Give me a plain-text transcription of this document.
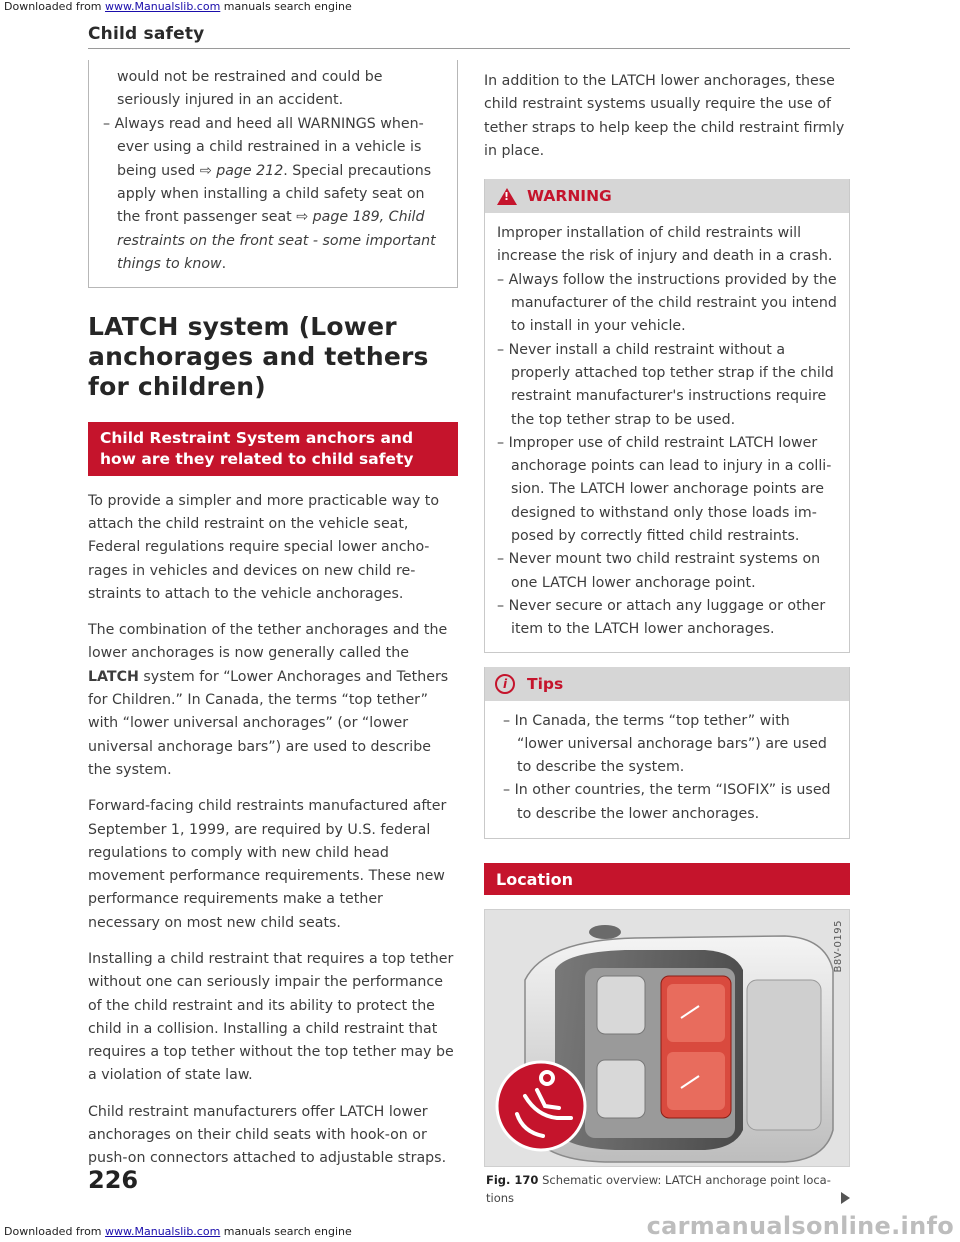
Downloaded from www.Manualslib.com manuals search engine
Child safety
would not be restrained and could be seriously injured in an accident.
– Always read and heed all WARNINGS whenever using a child restrained in a vehicle is being used ⇨ page 212. Special precautions apply when installing a child safety seat on the front passenger seat ⇨ page 189, Child restraints on the front seat - some important things to know.
LATCH system (Lower anchorages and tethers for children)
Child Restraint System anchors and how are they related to child safety
To provide a simpler and more practicable way to attach the child restraint on the vehicle seat, Federal regulations require special lower anchorages in vehicles and devices on new child restraints to attach to the vehicle anchorages.
The combination of the tether anchorages and the lower anchorages is now generally called the LATCH system for “Lower Anchorages and Tethers for Children.” In Canada, the terms “top tether” with “lower universal anchorages” (or “lower universal anchorage bars”) are used to describe the system.
Forward-facing child restraints manufactured after September 1, 1999, are required by U.S. federal regulations to comply with new child head movement performance requirements. These new performance requirements make a tether necessary on most new child seats.
Installing a child restraint that requires a top tether without one can seriously impair the performance of the child restraint and its ability to protect the child in a collision. Installing a child restraint that requires a top tether without the top tether may be a violation of state law.
Child restraint manufacturers offer LATCH lower anchorages on their child seats with hook-on or push-on connectors attached to adjustable straps.
In addition to the LATCH lower anchorages, these child restraint systems usually require the use of tether straps to help keep the child restraint firmly in place.
!
WARNING
Improper installation of child restraints will increase the risk of injury and death in a crash.
– Always follow the instructions provided by the manufacturer of the child restraint you intend to install in your vehicle.
– Never install a child restraint without a properly attached top tether strap if the child restraint manufacturer's instructions require the top tether strap to be used.
– Improper use of child restraint LATCH lower anchorage points can lead to injury in a collision. The LATCH lower anchorage points are designed to withstand only those loads imposed by correctly fitted child restraints.
– Never mount two child restraint systems on one LATCH lower anchorage point.
– Never secure or attach any luggage or other item to the LATCH lower anchorages.
i	Tips
– In Canada, the terms “top tether” with “lower universal anchorage bars”) are used to describe the system.
– In other countries, the term “ISOFIX” is used to describe the lower anchorages.
Location
B8V-0195
Fig. 170 Schematic overview: LATCH anchorage point locations
226
Downloaded from www.Manualslib.com manuals search engine	carmanualsonline.info
